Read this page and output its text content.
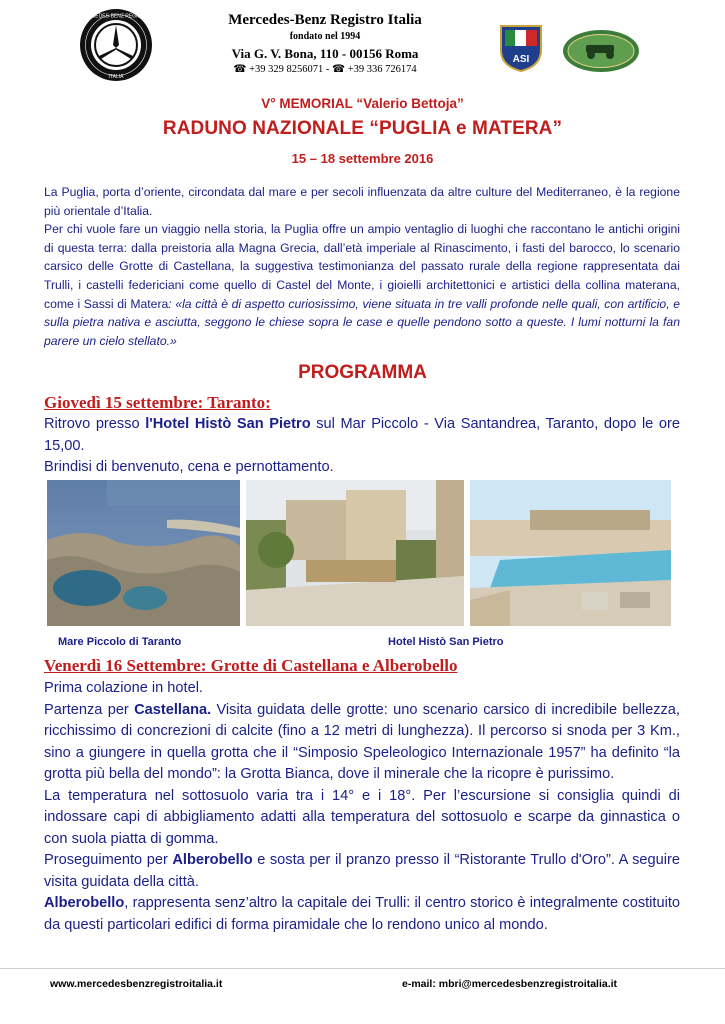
MERCEDES-BENZ REGISTRO
ITALIA
Mercedes-Benz Registro Italia
fondato nel 1994
Via G. V. Bona, 110 - 00156 Roma
☎ +39 329 8256071 - ☎ +39 336 726174
ASI
V° MEMORIAL “Valerio Bettoja”
RADUNO NAZIONALE “PUGLIA e MATERA”
15 – 18 settembre 2016

La Puglia, porta d’oriente, circondata dal mare e per secoli influenzata da altre culture del Mediterraneo, è la regione più orientale d’Italia.

Per chi vuole fare un viaggio nella storia, la Puglia offre un ampio ventaglio di luoghi che raccontano le antichi origini di questa terra: dalla preistoria alla Magna Grecia, dall’età imperiale al Rinascimento, i fasti del barocco, lo scenario carsico delle Grotte di Castellana, la suggestiva testimonianza del passato rurale della regione rappresentata dai Trulli, i castelli federiciani come quello di Castel del Monte, i gioielli architettonici e artistici della collina materana, come i Sassi di Matera: «la città è di aspetto curiosissimo, viene situata in tre valli profonde nelle quali, con artificio, e sulla pietra nativa e asciutta, seggono le chiese sopra le case e quelle pendono sotto a queste. I lumi notturni la fan parere un cielo stellato.»

PROGRAMMA
Giovedì 15 settembre: Taranto:

Ritrovo presso l'Hotel Histò San Pietro sul Mar Piccolo - Via Santandrea, Taranto, dopo le ore 15,00.

Brindisi di benvenuto, cena e pernottamento.

Mare Piccolo di Taranto	Hotel Histò San Pietro
Venerdì 16 Settembre: Grotte di Castellana e Alberobello

Prima colazione in hotel.

Partenza per Castellana. Visita guidata delle grotte: uno scenario carsico di incredibile bellezza, ricchissimo di concrezioni di calcite (fino a 12 metri di lunghezza). Il percorso si snoda per 3 Km., sino a giungere in quella grotta che il “Simposio Speleologico Internazionale 1957” ha definito “la grotta più bella del mondo”: la Grotta Bianca, dove il minerale che la ricopre è purissimo.

La temperatura nel sottosuolo varia tra i 14° e i 18°. Per l’escursione si consiglia quindi di indossare capi di abbigliamento adatti alla temperatura del sottosuolo e scarpe da ginnastica o con suola piatta di gomma.

Proseguimento per Alberobello e sosta per il pranzo presso il “Ristorante Trullo d'Oro”. A seguire visita guidata della città.

Alberobello, rappresenta senz’altro la capitale dei Trulli: il centro storico è integralmente costituito da questi particolari edifici di forma piramidale che lo rendono unico al mondo.

www.mercedesbenzregistroitalia.it	e-mail: mbri@mercedesbenzregistroitalia.it
